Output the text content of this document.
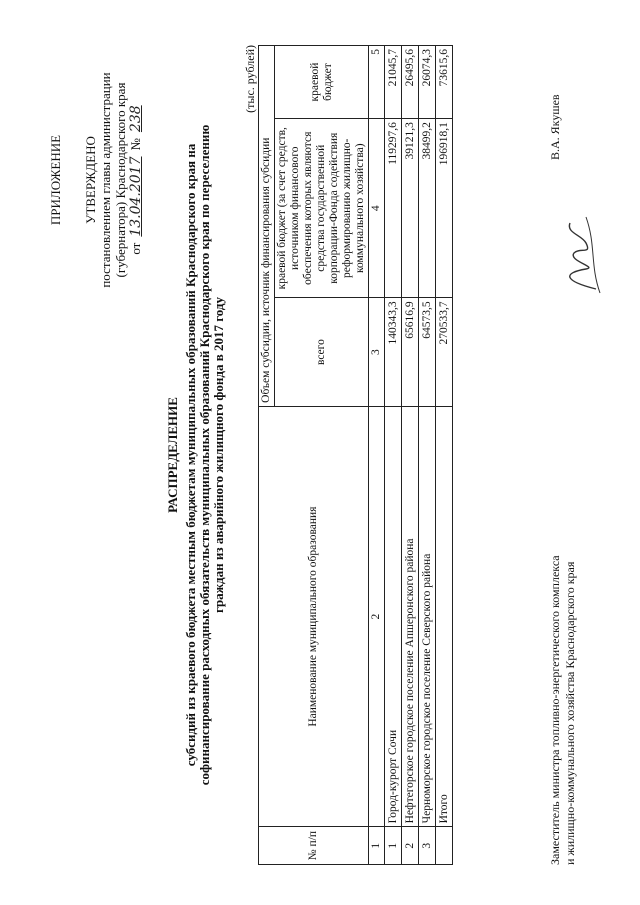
ПРИЛОЖЕНИЕ УТВЕРЖДЕНО постановлением главы администрации (губернатора) Краснодарского края от
13.04.2017
№
238
РАСПРЕДЕЛЕНИЕ субсидий из краевого бюджета местным бюджетам муниципальных образований Краснодарского края на софинансирование расходных обязательств муниципальных образований Краснодарского края по переселению граждан из аварийного жилищного фонда в 2017 году
(тыс. рублей)
№ п/п	Наименование муниципального образования	Объем субсидии, источник финансирования субсидии		
		всего	краевой бюджет (за счет средств, источником финансового обеспечения которых являются средства государственной корпорации-Фонда содействия реформированию жилищно-коммунального хозяйства)	краевой бюджет
1	2	3	4	5
1	Город-курорт Сочи	140343,3	119297,6	21045,7
2	Нефтегорское городское поселение Апшеронского района	65616,9	39121,3	26495,6
3	Черноморское городское поселение Северского района	64573,5	38499,2	26074,3
	Итого	270533,7	196918,1	73615,6
Заместитель министра топливно-энергетического комплекса и жилищно-коммунального хозяйства Краснодарского края
В.А. Якушев
